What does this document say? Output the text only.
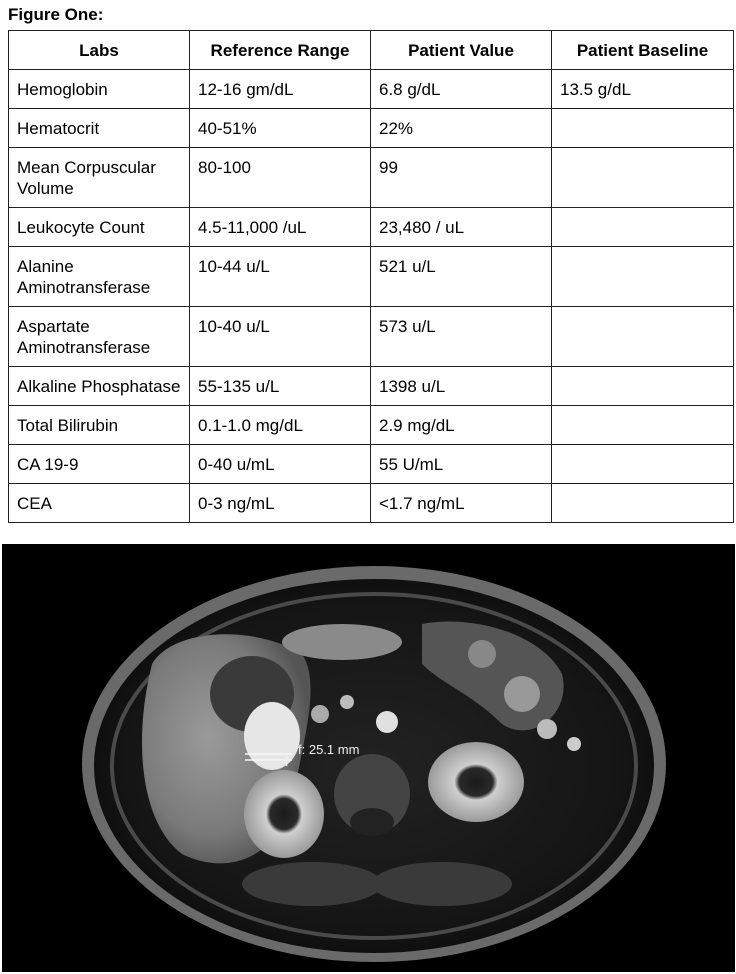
Figure One:
Labs	Reference Range	Patient Value	Patient Baseline
Hemoglobin	12-16 gm/dL	6.8 g/dL	13.5 g/dL
Hematocrit	40-51%	22%	
Mean Corpuscular Volume	80-100	99	
Leukocyte Count	4.5-11,000 /uL	23,480 / uL	
Alanine Aminotransferase	10-44 u/L	521 u/L	
Aspartate Aminotransferase	10-40 u/L	573 u/L	
Alkaline Phosphatase	55-135 u/L	1398 u/L	
Total Bilirubin	0.1-1.0 mg/dL	2.9 mg/dL	
CA 19-9	0-40 u/mL	55 U/mL	
CEA	0-3 ng/mL	<1.7 ng/mL	
f
f: 25.1 mm
